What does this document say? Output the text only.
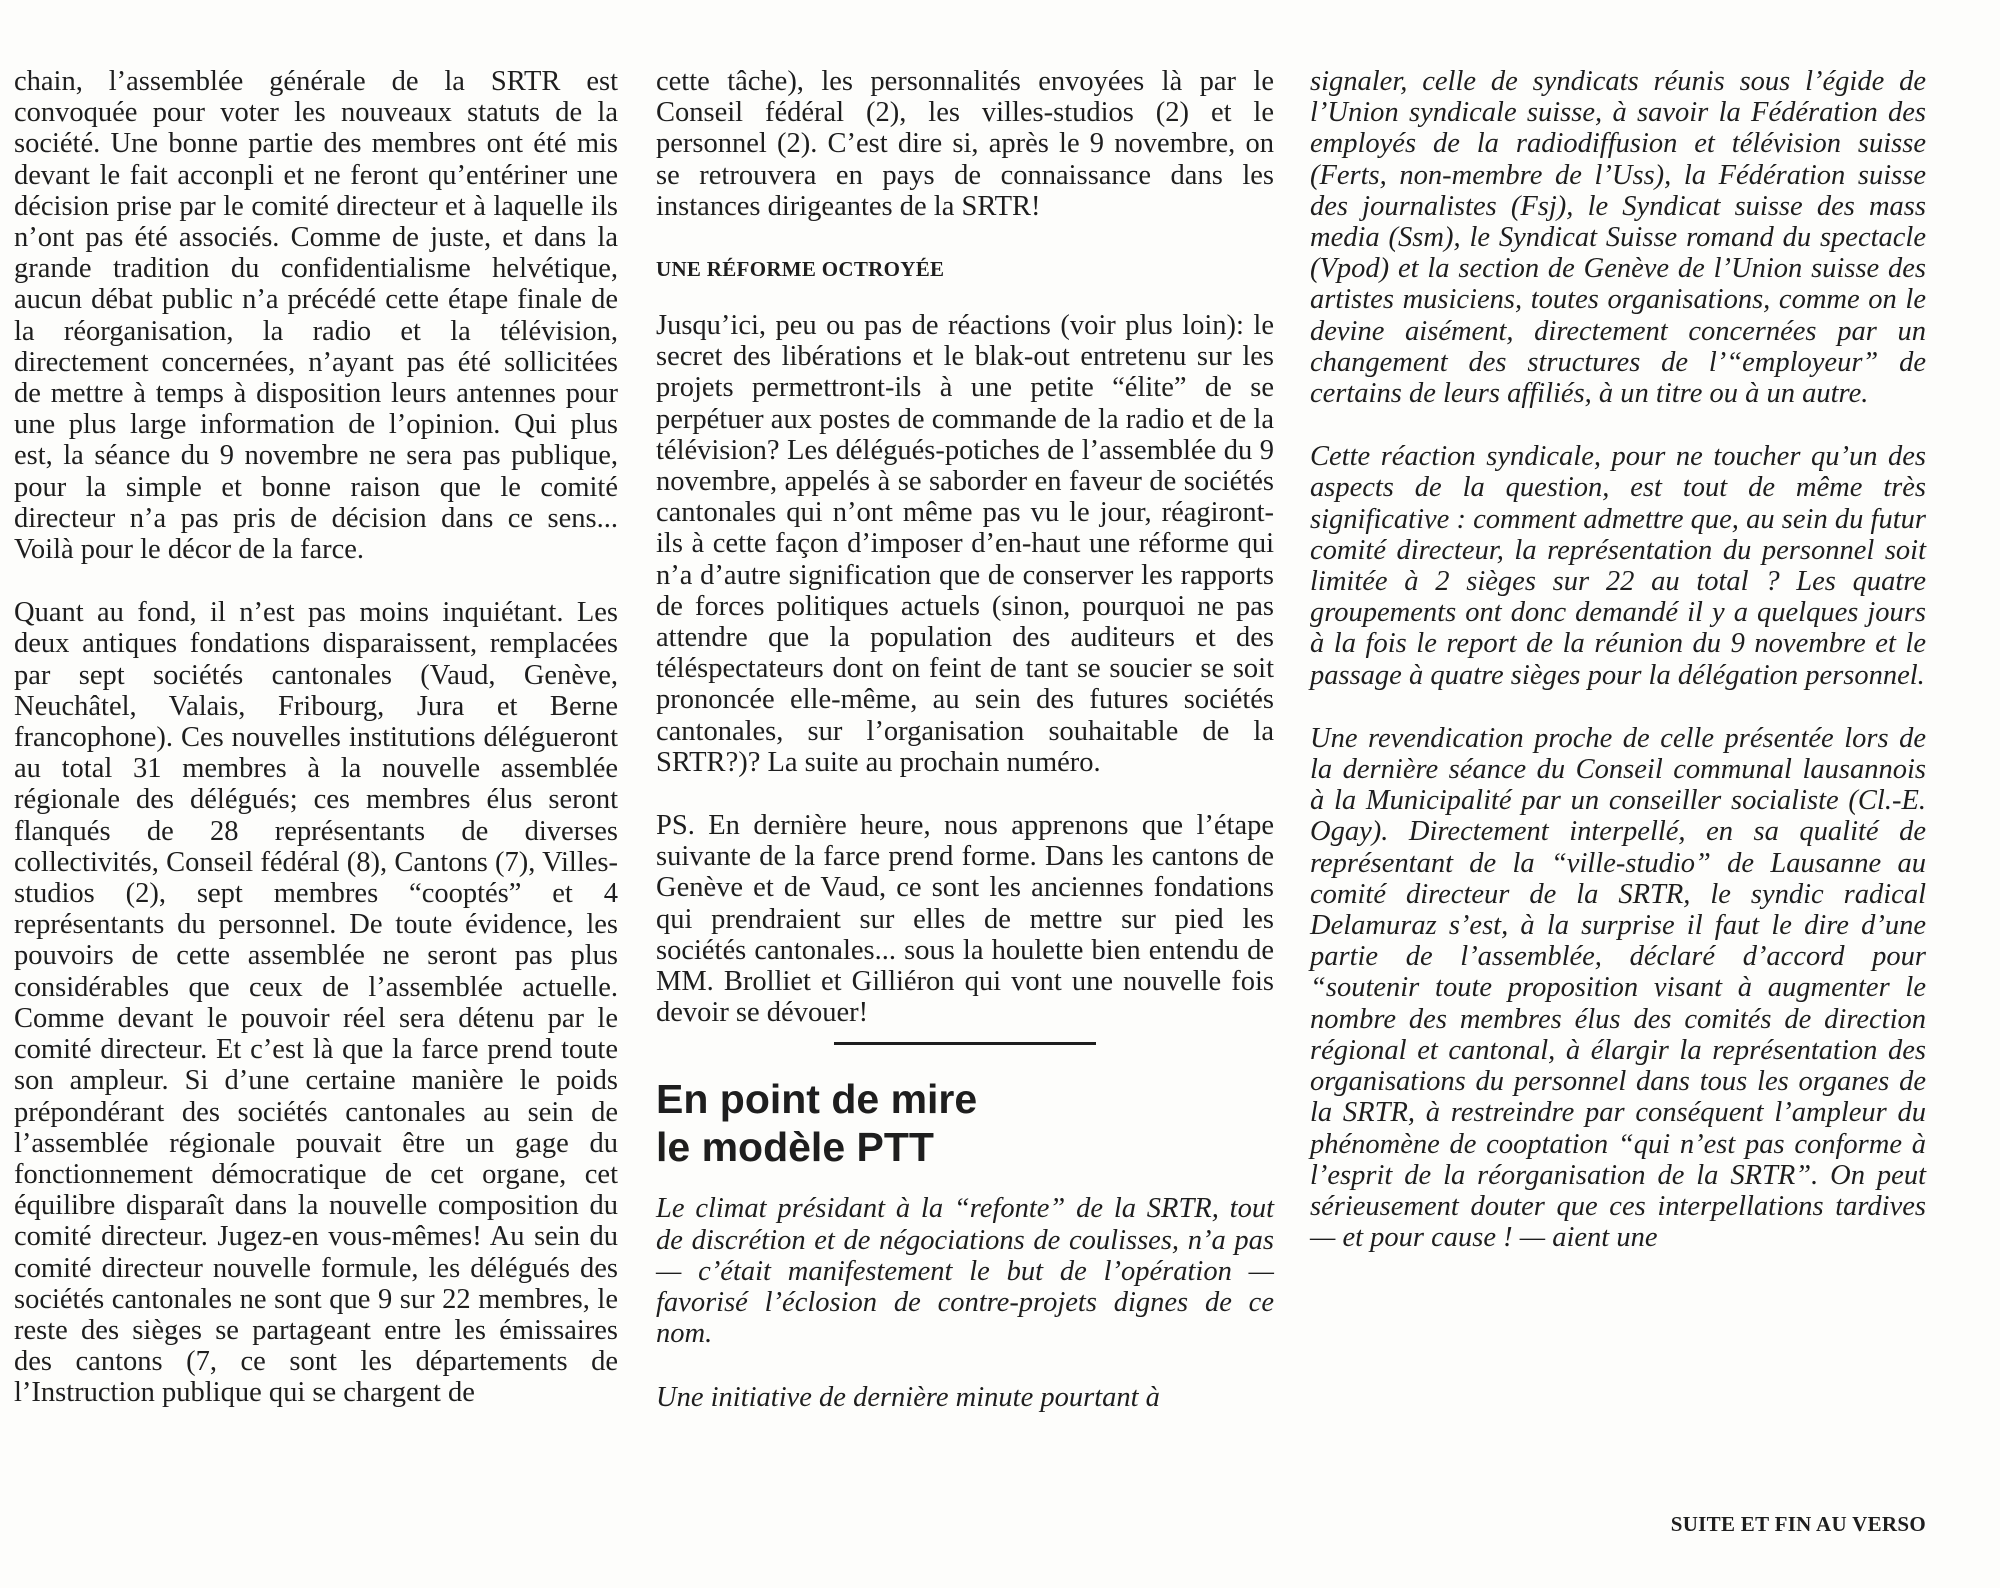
chain, l’assemblée générale de la SRTR est convoquée pour voter les nouveaux statuts de la société. Une bonne partie des membres ont été mis devant le fait acconpli et ne feront qu’entériner une décision prise par le comité directeur et à laquelle ils n’ont pas été associés. Comme de juste, et dans la grande tradition du confidentialisme helvétique, aucun débat public n’a précédé cette étape finale de la réorganisation, la radio et la télévision, directement concernées, n’ayant pas été sollicitées de mettre à temps à disposition leurs antennes pour une plus large information de l’opinion. Qui plus est, la séance du 9 novembre ne sera pas publique, pour la simple et bonne raison que le comité directeur n’a pas pris de décision dans ce sens... Voilà pour le décor de la farce.

Quant au fond, il n’est pas moins inquiétant. Les deux antiques fondations disparaissent, remplacées par sept sociétés cantonales (Vaud, Genève, Neuchâtel, Valais, Fribourg, Jura et Berne francophone). Ces nouvelles institutions délégueront au total 31 membres à la nouvelle assemblée régionale des délégués; ces membres élus seront flanqués de 28 représentants de diverses collectivités, Conseil fédéral (8), Cantons (7), Villes-studios (2), sept membres “cooptés” et 4 représentants du personnel. De toute évidence, les pouvoirs de cette assemblée ne seront pas plus considérables que ceux de l’assemblée actuelle. Comme devant le pouvoir réel sera détenu par le comité directeur. Et c’est là que la farce prend toute son ampleur. Si d’une certaine manière le poids prépondérant des sociétés cantonales au sein de l’assemblée régionale pouvait être un gage du fonctionnement démocratique de cet organe, cet équilibre disparaît dans la nouvelle composition du comité directeur. Jugez-en vous-mêmes! Au sein du comité directeur nouvelle formule, les délégués des sociétés cantonales ne sont que 9 sur 22 membres, le reste des sièges se partageant entre les émissaires des cantons (7, ce sont les départements de l’Instruction publique qui se chargent de

cette tâche), les personnalités envoyées là par le Conseil fédéral (2), les villes-studios (2) et le personnel (2). C’est dire si, après le 9 novembre, on se retrouvera en pays de connaissance dans les instances dirigeantes de la SRTR!

UNE RÉFORME OCTROYÉE

Jusqu’ici, peu ou pas de réactions (voir plus loin): le secret des libérations et le blak-out entretenu sur les projets permettront-ils à une petite “élite” de se perpétuer aux postes de commande de la radio et de la télévision? Les délégués-potiches de l’assemblée du 9 novembre, appelés à se saborder en faveur de sociétés cantonales qui n’ont même pas vu le jour, réagiront-ils à cette façon d’imposer d’en-haut une réforme qui n’a d’autre signification que de conserver les rapports de forces politiques actuels (sinon, pourquoi ne pas attendre que la population des auditeurs et des téléspectateurs dont on feint de tant se soucier se soit prononcée elle-même, au sein des futures sociétés cantonales, sur l’organisation souhaitable de la SRTR?)? La suite au prochain numéro.

PS. En dernière heure, nous apprenons que l’étape suivante de la farce prend forme. Dans les cantons de Genève et de Vaud, ce sont les anciennes fondations qui prendraient sur elles de mettre sur pied les sociétés cantonales... sous la houlette bien entendu de MM. Brolliet et Gilliéron qui vont une nouvelle fois devoir se dévouer!

En point de mire
le modèle PTT

Le climat présidant à la “refonte” de la SRTR, tout de discrétion et de négociations de coulisses, n’a pas — c’était manifestement le but de l’opération — favorisé l’éclosion de contre-projets dignes de ce nom.

Une initiative de dernière minute pourtant à

signaler, celle de syndicats réunis sous l’égide de l’Union syndicale suisse, à savoir la Fédération des employés de la radiodiffusion et télévision suisse (Ferts, non-membre de l’Uss), la Fédération suisse des journalistes (Fsj), le Syndicat suisse des mass media (Ssm), le Syndicat Suisse romand du spectacle (Vpod) et la section de Genève de l’Union suisse des artistes musiciens, toutes organisations, comme on le devine aisément, directement concernées par un changement des structures de l’“employeur” de certains de leurs affiliés, à un titre ou à un autre.

Cette réaction syndicale, pour ne toucher qu’un des aspects de la question, est tout de même très significative : comment admettre que, au sein du futur comité directeur, la représentation du personnel soit limitée à 2 sièges sur 22 au total ? Les quatre groupements ont donc demandé il y a quelques jours à la fois le report de la réunion du 9 novembre et le passage à quatre sièges pour la délégation personnel.

Une revendication proche de celle présentée lors de la dernière séance du Conseil communal lausannois à la Municipalité par un conseiller socialiste (Cl.-E. Ogay). Directement interpellé, en sa qualité de représentant de la “ville-studio” de Lausanne au comité directeur de la SRTR, le syndic radical Delamuraz s’est, à la surprise il faut le dire d’une partie de l’assemblée, déclaré d’accord pour “soutenir toute proposition visant à augmenter le nombre des membres élus des comités de direction régional et cantonal, à élargir la représentation des organisations du personnel dans tous les organes de la SRTR, à restreindre par conséquent l’ampleur du phénomène de cooptation “qui n’est pas conforme à l’esprit de la réorganisation de la SRTR”. On peut sérieusement douter que ces interpellations tardives — et pour cause ! — aient une

SUITE ET FIN AU VERSO
